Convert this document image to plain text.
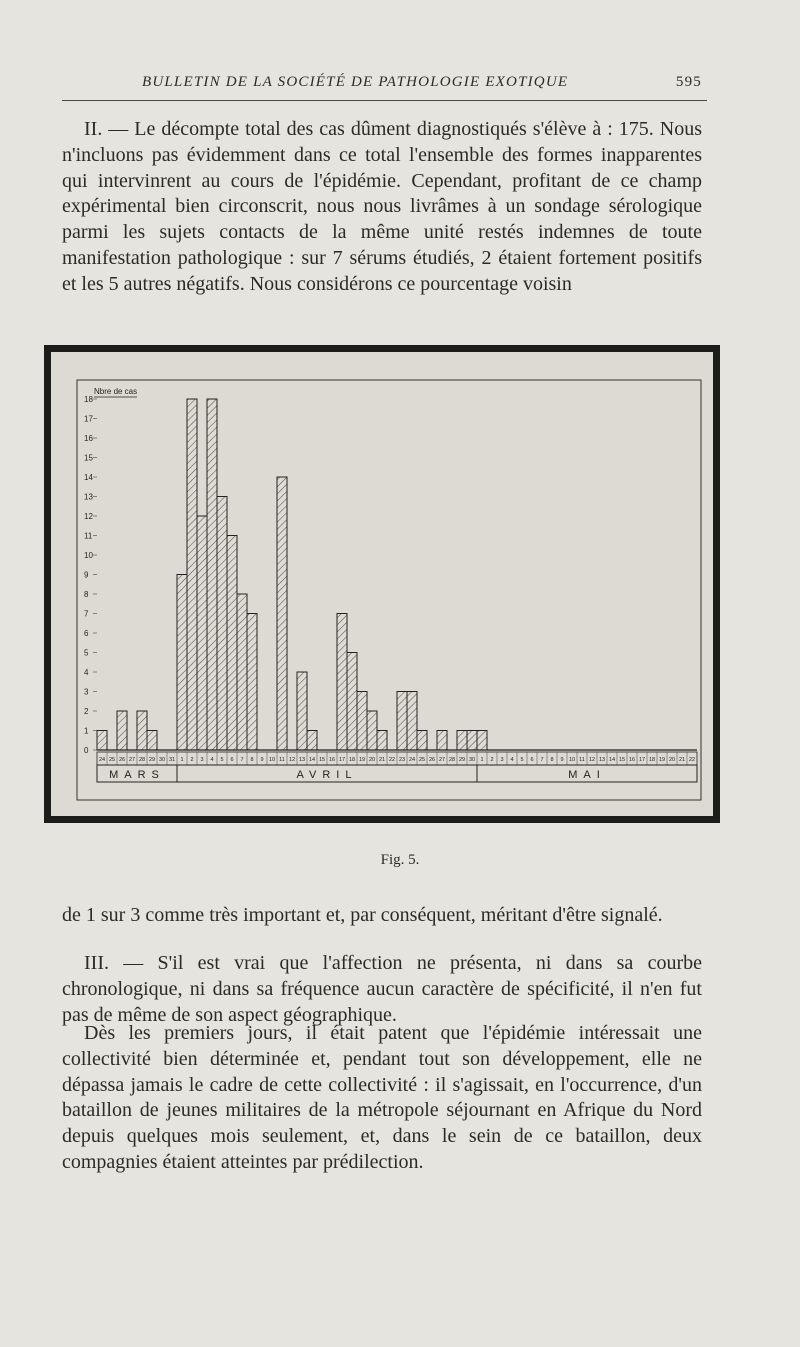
BULLETIN DE LA SOCIÉTÉ DE PATHOLOGIE EXOTIQUE	595

II. — Le décompte total des cas dûment diagnostiqués s'élève à : 175. Nous n'incluons pas évidemment dans ce total l'ensemble des formes inapparentes qui intervinrent au cours de l'épidémie. Cependant, profitant de ce champ expérimental bien circonscrit, nous nous livrâmes à un sondage sérologique parmi les sujets contacts de la même unité restés indemnes de toute manifestation pathologique : sur 7 sérums étudiés, 2 étaient fortement positifs et les 5 autres négatifs. Nous considérons ce pourcentage voisin

0
1
2
3
4
5
6
7
8
9
10
11
12
13
14
15
16
17
18
Nbre de cas
24 25 26 27 28 29 30 31 1 2 3 4 5 6 7 8 9 10 11 12 13 14 15 16 17 18 19 20 21 22 23 24 25 26 27 28 29 30 1 2 3 4 5 6 7 8 9 10 11 12 13 14 15 16 17 18 19 20 21 22
MARS	AVRIL	MAI
Fig. 5.

de 1 sur 3 comme très important et, par conséquent, méritant d'être signalé.

III. — S'il est vrai que l'affection ne présenta, ni dans sa courbe chronologique, ni dans sa fréquence aucun caractère de spécificité, il n'en fut pas de même de son aspect géographique.

Dès les premiers jours, il était patent que l'épidémie intéressait une collectivité bien déterminée et, pendant tout son développement, elle ne dépassa jamais le cadre de cette collectivité : il s'agissait, en l'occurrence, d'un bataillon de jeunes militaires de la métropole séjournant en Afrique du Nord depuis quelques mois seulement, et, dans le sein de ce bataillon, deux compagnies étaient atteintes par prédilection.
